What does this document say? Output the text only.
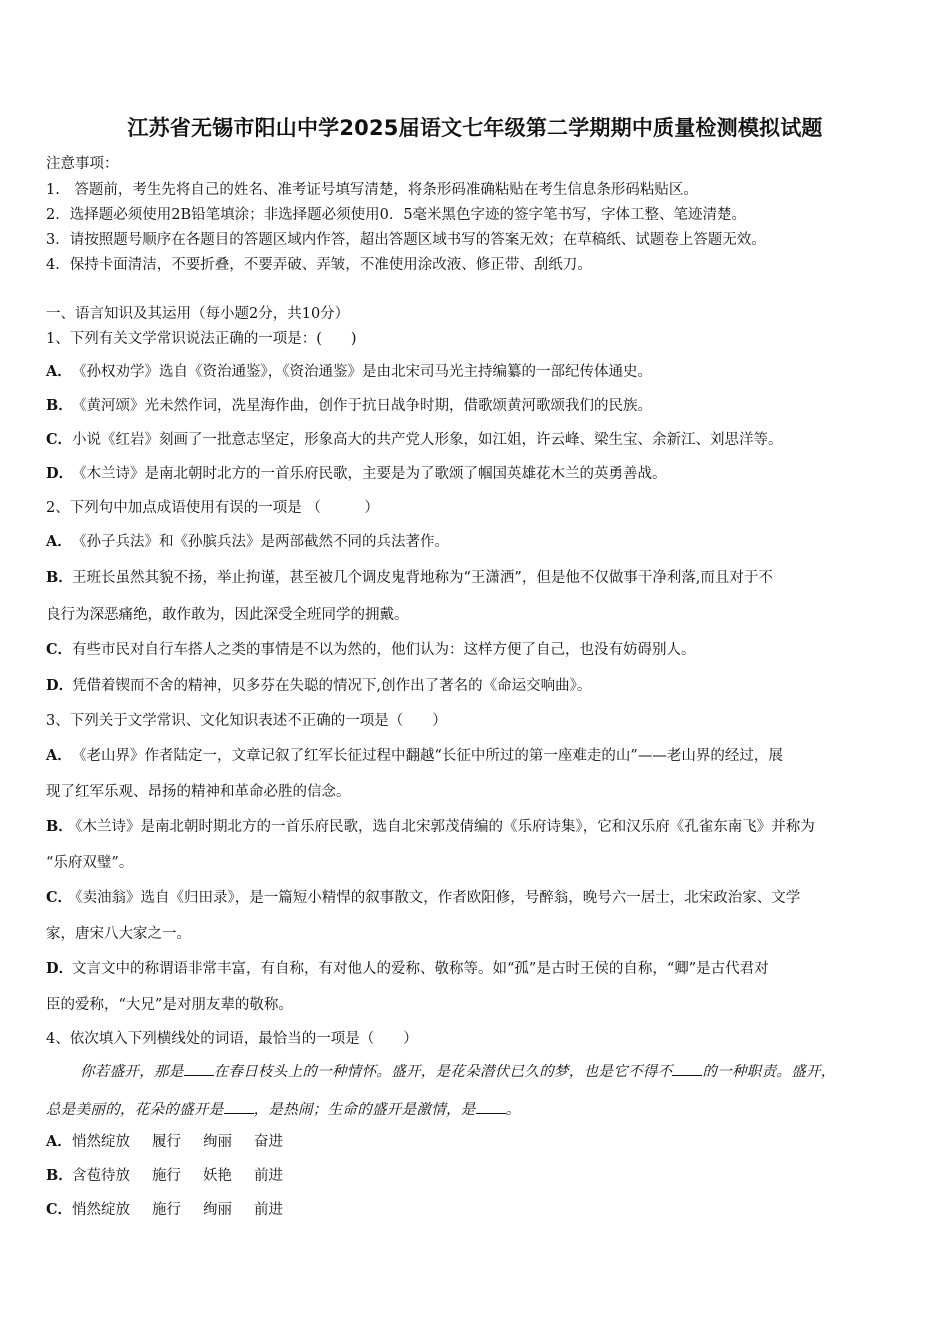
江苏省无锡市阳山中学2025届语文七年级第二学期期中质量检测模拟试题
注意事项：
1.　答题前，考生先将自己的姓名、准考证号填写清楚，将条形码准确粘贴在考生信息条形码粘贴区。
2．选择题必须使用2B铅笔填涂；非选择题必须使用0．5毫米黑色字迹的签字笔书写，字体工整、笔迹清楚。
3．请按照题号顺序在各题目的答题区域内作答，超出答题区域书写的答案无效；在草稿纸、试题卷上答题无效。
4．保持卡面清洁，不要折叠，不要弄破、弄皱，不准使用涂改液、修正带、刮纸刀。
一、语言知识及其运用（每小题2分，共10分）
1、下列有关文学常识说法正确的一项是：(　　)
A．《孙权劝学》选自《资治通鉴》，《资治通鉴》是由北宋司马光主持编纂的一部纪传体通史。
B．《黄河颂》光未然作词，冼星海作曲，创作于抗日战争时期，借歌颂黄河歌颂我们的民族。
C．小说《红岩》刻画了一批意志坚定，形象高大的共产党人形象，如江姐，许云峰、梁生宝、余新江、刘思洋等。
D．《木兰诗》是南北朝时北方的一首乐府民歌，主要是为了歌颂了帼国英雄花木兰的英勇善战。
2、下列句中加点成语使用有误的一项是 （　　　）
A．《孙子兵法》和《孙膑兵法》是两部截然不同的兵法著作。
B．王班长虽然其貌不扬，举止拘谨，甚至被几个调皮鬼背地称为“王潇洒”，但是他不仅做事干净利落,而且对于不
良行为深恶痛绝，敢作敢为，因此深受全班同学的拥戴。
C．有些市民对自行车搭人之类的事情是不以为然的，他们认为：这样方便了自己，也没有妨碍别人。
D．凭借着锲而不舍的精神，贝多芬在失聪的情况下,创作出了著名的《命运交响曲》。
3、下列关于文学常识、文化知识表述不正确的一项是（　　）
A．《老山界》作者陆定一，文章记叙了红军长征过程中翻越“长征中所过的第一座难走的山”——老山界的经过，展
现了红军乐观、昂扬的精神和革命必胜的信念。
B．《木兰诗》是南北朝时期北方的一首乐府民歌，选自北宋郭茂倩编的《乐府诗集》，它和汉乐府《孔雀东南飞》并称为
“乐府双璧”。
C．《卖油翁》选自《归田录》，是一篇短小精悍的叙事散文，作者欧阳修，号醉翁，晚号六一居士，北宋政治家、文学
家，唐宋八大家之一。
D．文言文中的称谓语非常丰富，有自称，有对他人的爱称、敬称等。如“孤”是古时王侯的自称，“卿”是古代君对
臣的爱称，“大兄”是对朋友辈的敬称。
4、依次填入下列横线处的词语，最恰当的一项是（　　）
你若盛开，那是 在春日枝头上的一种情怀。盛开，是花朵潜伏已久的梦，也是它不得不 的一种职责。盛开，
总是美丽的，花朵的盛开是 ，是热闹；生命的盛开是激情，是 。
A．悄然绽放 履行 绚丽 奋进
B．含苞待放 施行 妖艳 前进
C．悄然绽放 施行 绚丽 前进
